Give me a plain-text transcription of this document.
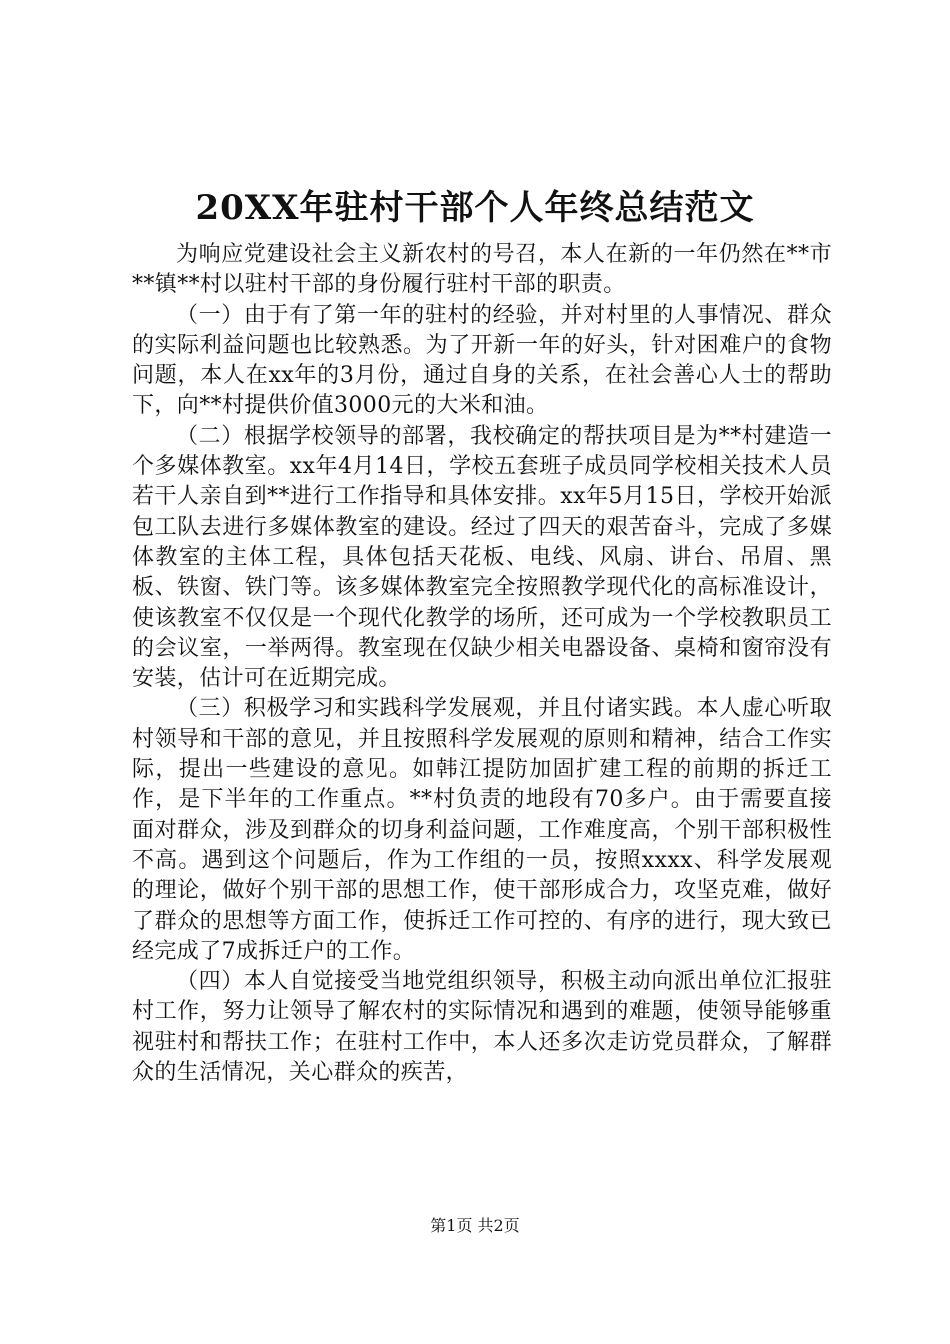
20XX年驻村干部个人年终总结范文

为响应党建设社会主义新农村的号召，本人在新的一年仍然在**市**镇**村以驻村干部的身份履行驻村干部的职责。

（一）由于有了第一年的驻村的经验，并对村里的人事情况、群众的实际利益问题也比较熟悉。为了开新一年的好头，针对困难户的食物问题，本人在xx年的3月份，通过自身的关系，在社会善心人士的帮助下，向**村提供价值3000元的大米和油。

（二）根据学校领导的部署，我校确定的帮扶项目是为**村建造一个多媒体教室。xx年4月14日，学校五套班子成员同学校相关技术人员若干人亲自到**进行工作指导和具体安排。xx年5月15日，学校开始派包工队去进行多媒体教室的建设。经过了四天的艰苦奋斗，完成了多媒体教室的主体工程，具体包括天花板、电线、风扇、讲台、吊眉、黑板、铁窗、铁门等。该多媒体教室完全按照教学现代化的高标准设计，使该教室不仅仅是一个现代化教学的场所，还可成为一个学校教职员工的会议室，一举两得。教室现在仅缺少相关电器设备、桌椅和窗帘没有安装，估计可在近期完成。

（三）积极学习和实践科学发展观，并且付诸实践。本人虚心听取村领导和干部的意见，并且按照科学发展观的原则和精神，结合工作实际，提出一些建设的意见。如韩江提防加固扩建工程的前期的拆迁工作，是下半年的工作重点。**村负责的地段有70多户。由于需要直接面对群众，涉及到群众的切身利益问题，工作难度高，个别干部积极性不高。遇到这个问题后，作为工作组的一员，按照xxxx、科学发展观的理论，做好个别干部的思想工作，使干部形成合力，攻坚克难，做好了群众的思想等方面工作，使拆迁工作可控的、有序的进行，现大致已经完成了7成拆迁户的工作。

（四）本人自觉接受当地党组织领导，积极主动向派出单位汇报驻村工作，努力让领导了解农村的实际情况和遇到的难题，使领导能够重视驻村和帮扶工作；在驻村工作中，本人还多次走访党员群众，了解群众的生活情况，关心群众的疾苦，

第1页 共2页
